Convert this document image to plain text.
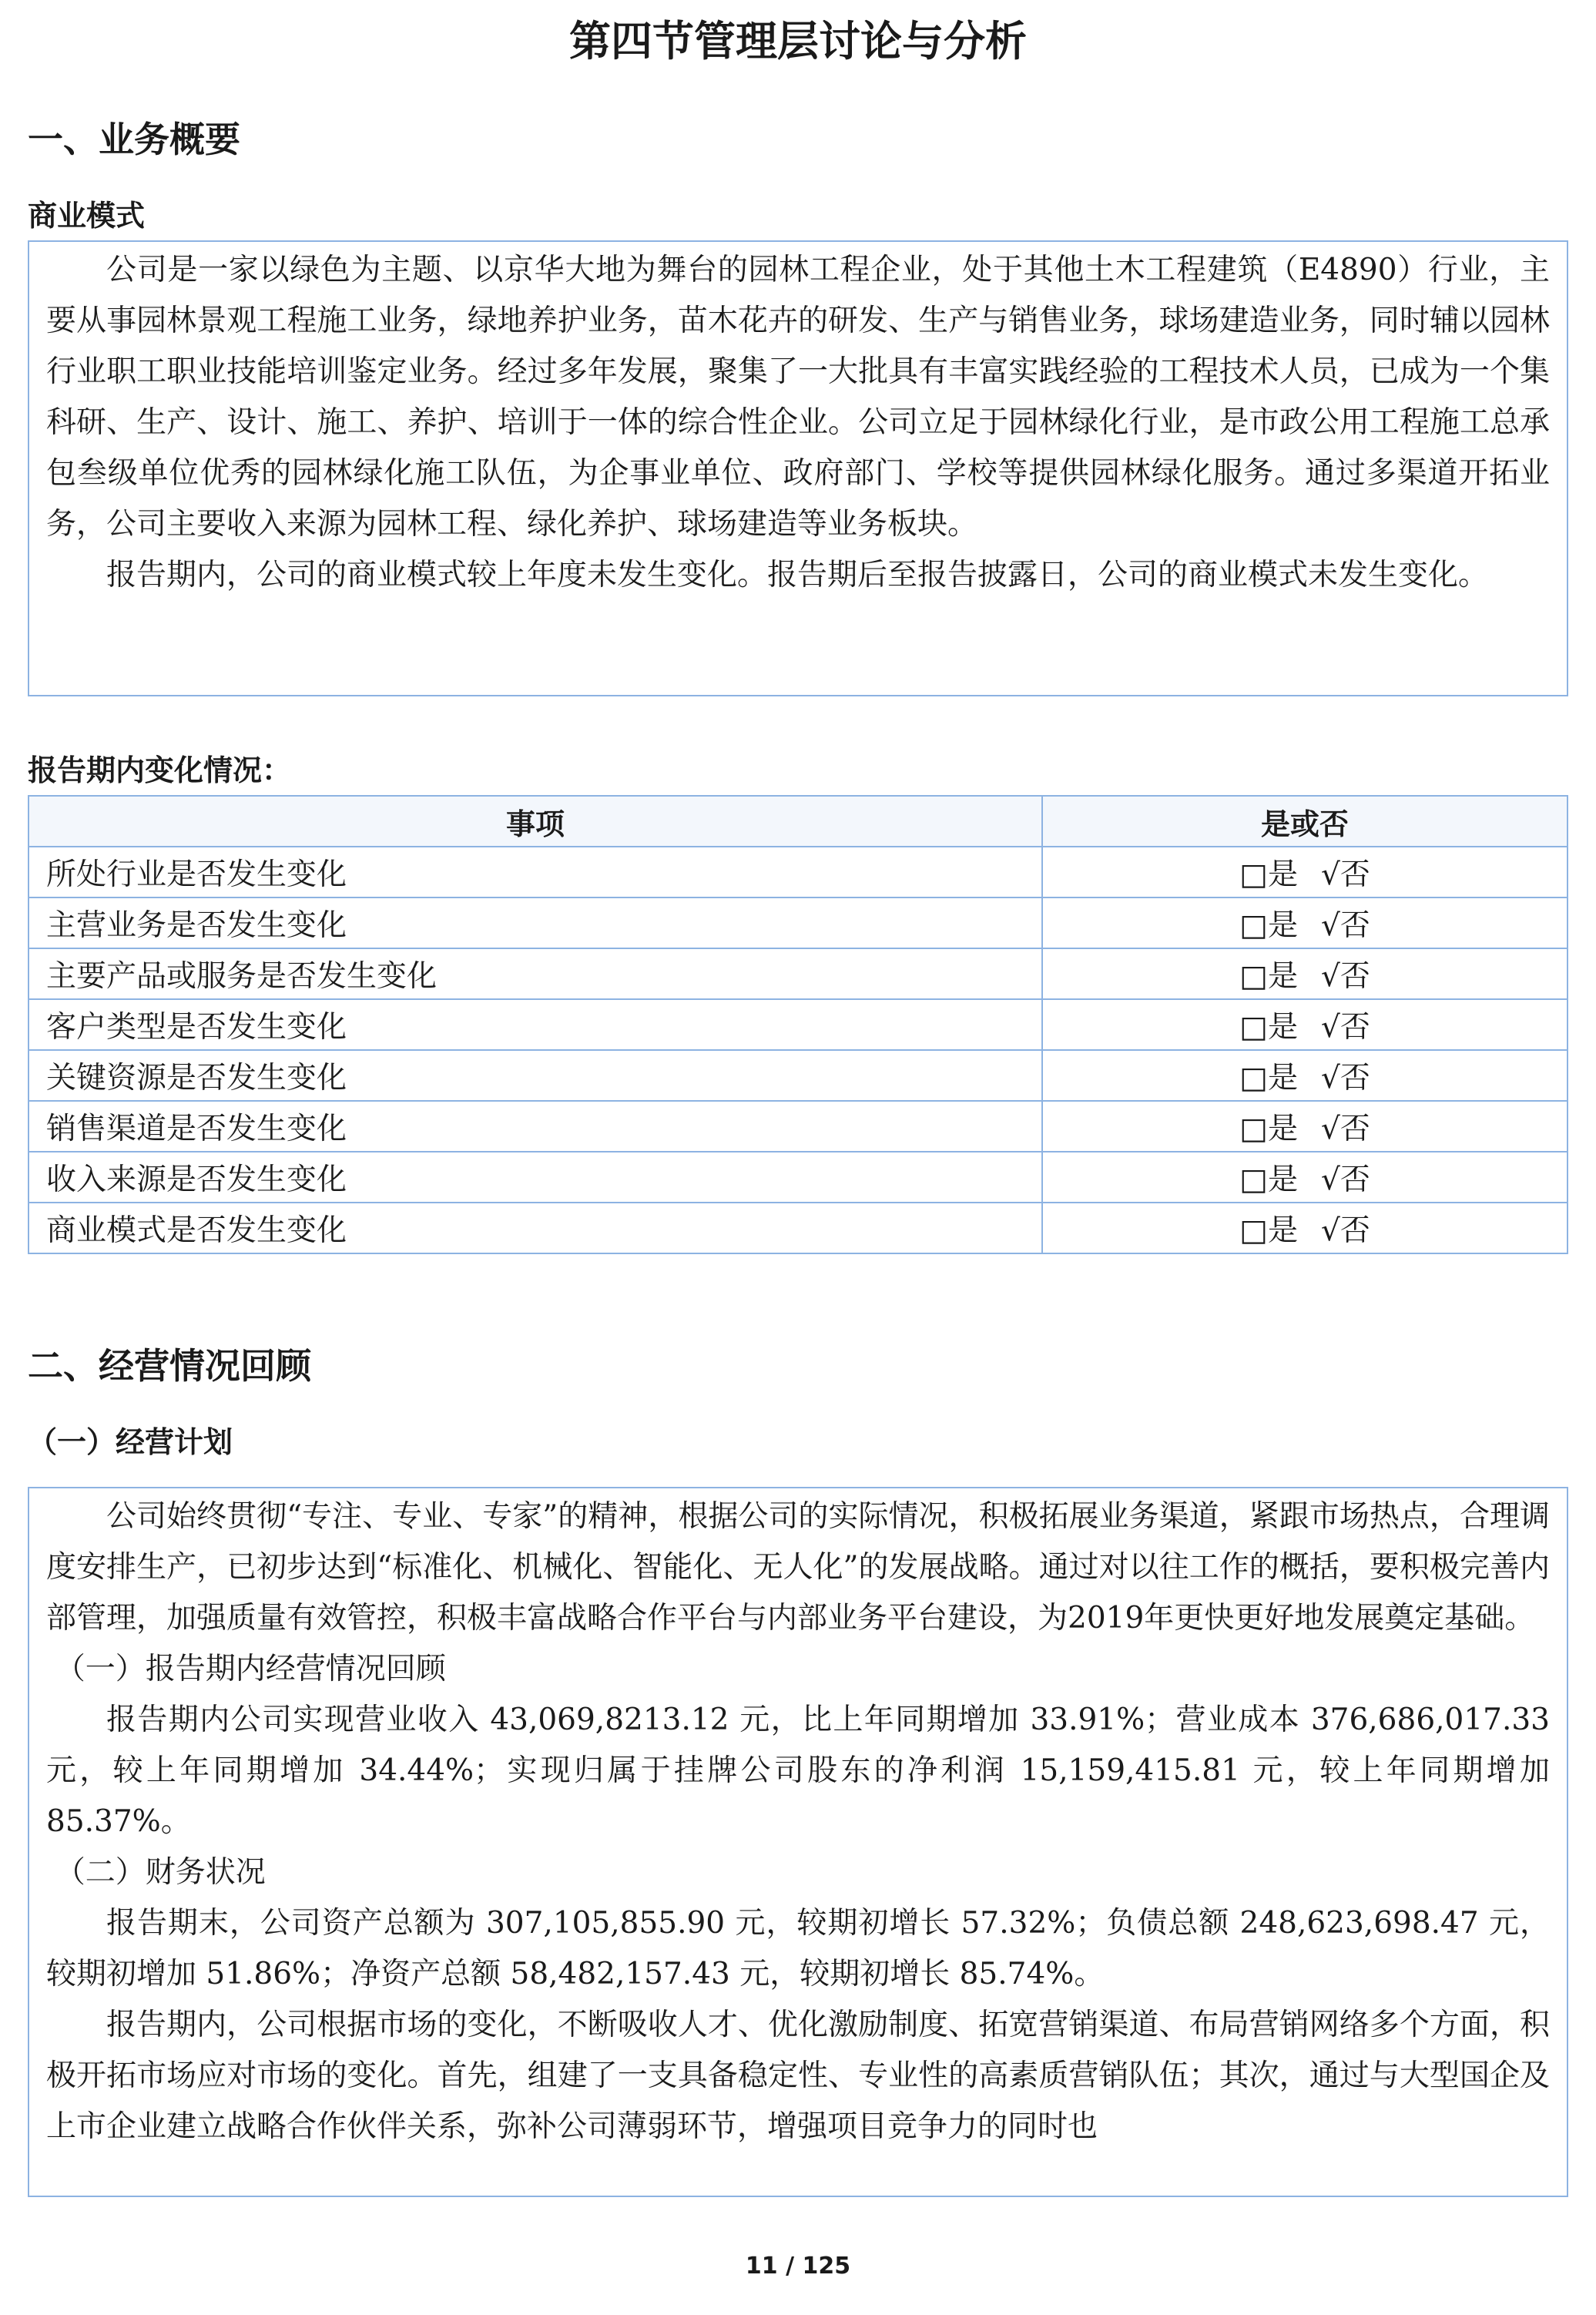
第四节管理层讨论与分析
一、业务概要
商业模式

公司是一家以绿色为主题、以京华大地为舞台的园林工程企业，处于其他土木工程建筑（E4890）行业，主要从事园林景观工程施工业务，绿地养护业务，苗木花卉的研发、生产与销售业务，球场建造业务，同时辅以园林行业职工职业技能培训鉴定业务。经过多年发展，聚集了一大批具有丰富实践经验的工程技术人员，已成为一个集科研、生产、设计、施工、养护、培训于一体的综合性企业。公司立足于园林绿化行业，是市政公用工程施工总承包叁级单位优秀的园林绿化施工队伍，为企事业单位、政府部门、学校等提供园林绿化服务。通过多渠道开拓业务，公司主要收入来源为园林工程、绿化养护、球场建造等业务板块。

报告期内，公司的商业模式较上年度未发生变化。报告期后至报告披露日，公司的商业模式未发生变化。

报告期内变化情况：
事项	是或否
所处行业是否发生变化	□是 √否
主营业务是否发生变化	□是 √否
主要产品或服务是否发生变化	□是 √否
客户类型是否发生变化	□是 √否
关键资源是否发生变化	□是 √否
销售渠道是否发生变化	□是 √否
收入来源是否发生变化	□是 √否
商业模式是否发生变化	□是 √否
二、经营情况回顾
（一）经营计划

公司始终贯彻“专注、专业、专家”的精神，根据公司的实际情况，积极拓展业务渠道，紧跟市场热点，合理调度安排生产，已初步达到“标准化、机械化、智能化、无人化”的发展战略。通过对以往工作的概括，要积极完善内部管理，加强质量有效管控，积极丰富战略合作平台与内部业务平台建设，为2019年更快更好地发展奠定基础。

（一）报告期内经营情况回顾

报告期内公司实现营业收入 43,069,8213.12 元，比上年同期增加 33.91%；营业成本 376,686,017.33 元，较上年同期增加 34.44%；实现归属于挂牌公司股东的净利润 15,159,415.81 元，较上年同期增加 85.37%。

（二）财务状况

报告期末，公司资产总额为 307,105,855.90 元，较期初增长 57.32%；负债总额 248,623,698.47 元，较期初增加 51.86%；净资产总额 58,482,157.43 元，较期初增长 85.74%。

报告期内，公司根据市场的变化，不断吸收人才、优化激励制度、拓宽营销渠道、布局营销网络多个方面，积极开拓市场应对市场的变化。首先，组建了一支具备稳定性、专业性的高素质营销队伍；其次，通过与大型国企及上市企业建立战略合作伙伴关系，弥补公司薄弱环节，增强项目竞争力的同时也

11 / 125
